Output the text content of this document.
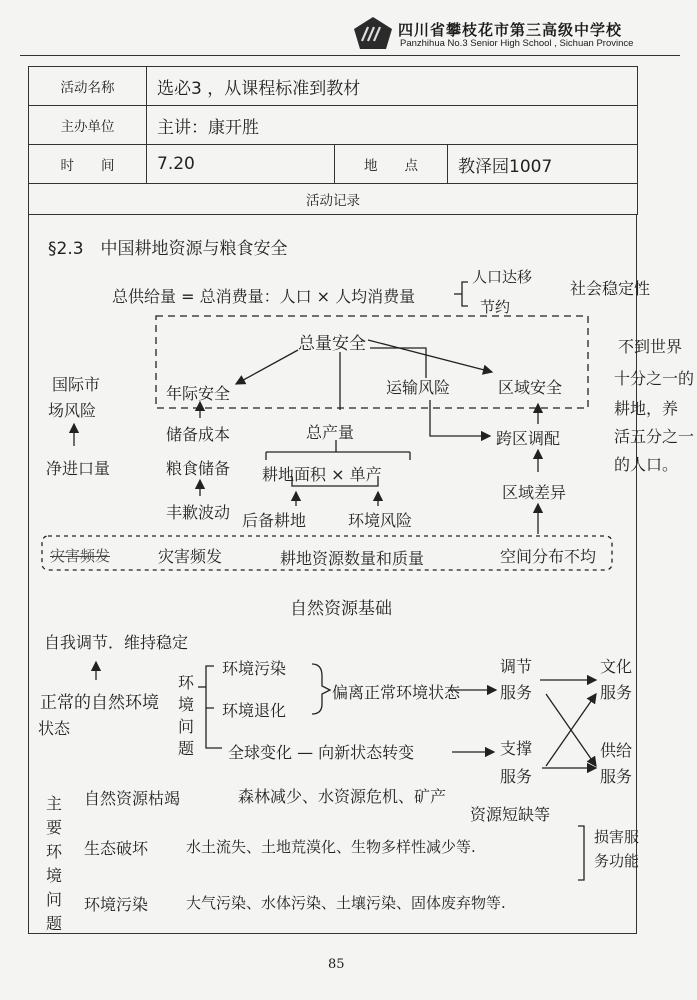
四川省攀枝花市第三高级中学校
Panzhihua No.3 Senior High School , Sichuan Province
活动名称	选必3 ，从课程标准到教材		
主办单位	主讲：康开胜		
时　　间	7.20	地　　点	教泽园1007
活动记录			
§2.3　中国耕地资源与粮食安全
总供给量 = 总消费量：人口 × 人均消费量
人口达移
节约
社会稳定性
总量安全
年际安全	运输风险	区域安全
国际市
场风险
净进口量
储备成本
粮食储备
丰歉波动
总产量
耕地面积 × 单产
后备耕地	环境风险
跨区调配
区域差异
灾害频发	灾害频发	耕地资源数量和质量	空间分布不均
不到世界
十分之一的
耕地，养
活五分之一
的人口。
自然资源基础
自我调节．维持稳定
正常的自然环境
状态
环境问题
环境污染
环境退化
偏离正常环境状态
全球变化 — 向新状态转变
调节
服务
文化
服务
支撑
服务
供给
服务
主要环境问题
自然资源枯竭	森林减少、水资源危机、矿产
资源短缺等
生态破坏	水土流失、土地荒漠化、生物多样性减少等.
损害服
务功能
环境污染	大气污染、水体污染、土壤污染、固体废弃物等.
85
